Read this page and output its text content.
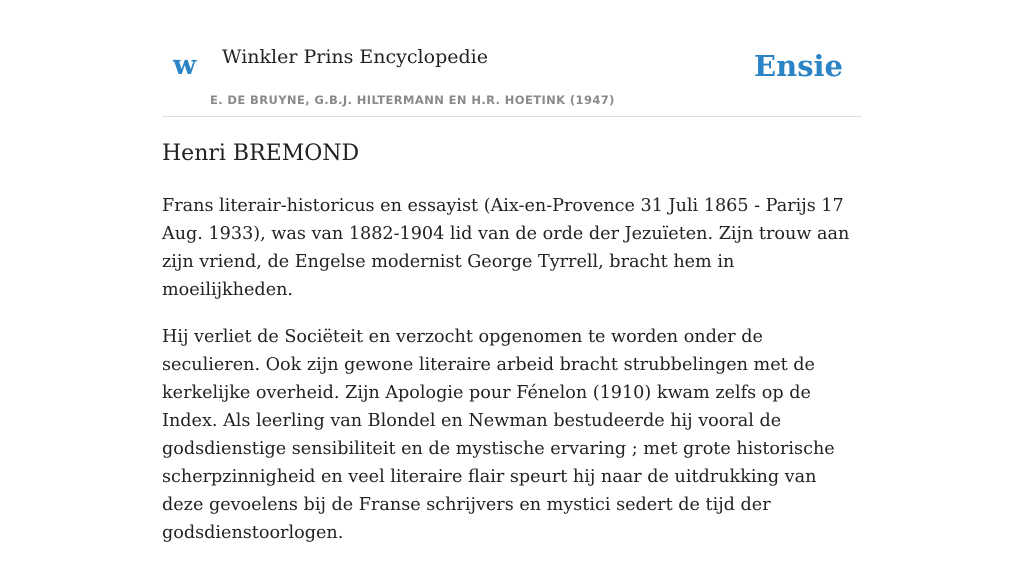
w Winkler Prins Encyclopedie
E. DE BRUYNE, G.B.J. HILTERMANN EN H.R. HOETINK (1947)
Ensie
Henri BREMOND

Frans literair-historicus en essayist (Aix-en-Provence 31 Juli 1865 - Parijs 17 Aug. 1933), was van 1882-1904 lid van de orde der Jezuïeten. Zijn trouw aan zijn vriend, de Engelse modernist George Tyrrell, bracht hem in moeilijkheden.

Hij verliet de Sociëteit en verzocht opgenomen te worden onder de seculieren. Ook zijn gewone literaire arbeid bracht strubbelingen met de kerkelijke overheid. Zijn Apologie pour Fénelon (1910) kwam zelfs op de Index. Als leerling van Blondel en Newman bestudeerde hij vooral de godsdienstige sensibiliteit en de mystische ervaring ; met grote historische scherpzinnigheid en veel literaire flair speurt hij naar de uitdrukking van deze gevoelens bij de Franse schrijvers en mystici sedert de tijd der godsdienstoorlogen.
